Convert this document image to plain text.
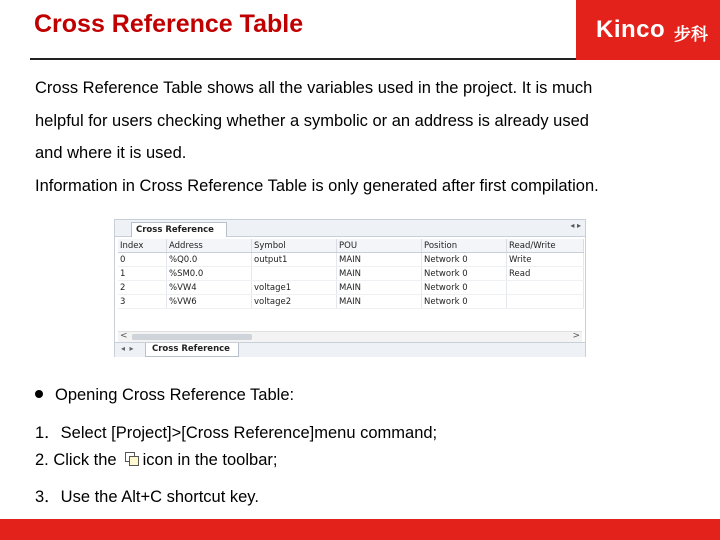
Cross Reference Table	Kinco 步科

Cross Reference Table shows all the variables used in the project. It is much

helpful for users checking whether a symbolic or an address is already used

and where it is used.

Information in Cross Reference Table is only generated after first compilation.

Cross Reference	◂ ▸
Index	Address	Symbol	POU	Position	Read/Write
0	%Q0.0	output1	MAIN	Network 0	Write
1	%SM0.0		MAIN	Network 0	Read
2	%VW4	voltage1	MAIN	Network 0	
3	%VW6	voltage2	MAIN	Network 0	
<	>
◂ ▸	Cross Reference
Opening Cross Reference Table:
1．Select [Project]>[Cross Reference]menu command;
2. Click the icon in the toolbar;
3．Use the Alt+C shortcut key.
